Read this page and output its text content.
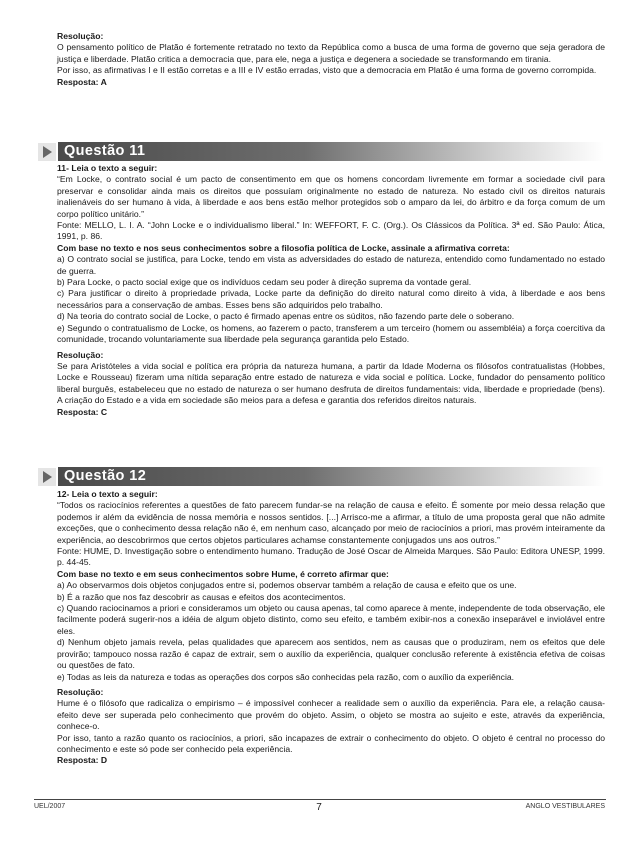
Resolução:

O pensamento político de Platão é fortemente retratado no texto da República como a busca de uma forma de governo que seja geradora de justiça e liberdade. Platão critica a democracia que, para ele, nega a justiça e degenera a sociedade se transformando em tirania.

Por isso, as afirmativas I e II estão corretas e a III e IV estão erradas, visto que a democracia em Platão é uma forma de governo corrompida.

Resposta: A

Questão 11

11- Leia o texto a seguir:

“Em Locke, o contrato social é um pacto de consentimento em que os homens concordam livremente em formar a sociedade civil para preservar e consolidar ainda mais os direitos que possuíam originalmente no estado de natureza. No estado civil os direitos naturais inalienáveis do ser humano à vida, à liberdade e aos bens estão melhor protegidos sob o amparo da lei, do árbitro e da força comum de um corpo político unitário.”

Fonte: MELLO, L. I. A. “John Locke e o individualismo liberal.” In: WEFFORT, F. C. (Org.). Os Clássicos da Política. 3ª ed. São Paulo: Ática, 1991, p. 86.

Com base no texto e nos seus conhecimentos sobre a filosofia política de Locke, assinale a afirmativa correta:

a) O contrato social se justifica, para Locke, tendo em vista as adversidades do estado de natureza, entendido como fundamentado no estado de guerra.

b) Para Locke, o pacto social exige que os indivíduos cedam seu poder à direção suprema da vontade geral.

c) Para justificar o direito à propriedade privada, Locke parte da definição do direito natural como direito à vida, à liberdade e aos bens necessários para a conservação de ambas. Esses bens são adquiridos pelo trabalho.

d) Na teoria do contrato social de Locke, o pacto é firmado apenas entre os súditos, não fazendo parte dele o soberano.

e) Segundo o contratualismo de Locke, os homens, ao fazerem o pacto, transferem a um terceiro (homem ou assembléia) a força coercitiva da comunidade, trocando voluntariamente sua liberdade pela segurança garantida pelo Estado.

Resolução:

Se para Aristóteles a vida social e política era própria da natureza humana, a partir da Idade Moderna os filósofos contratualistas (Hobbes, Locke e Rousseau) fizeram uma nítida separação entre estado de natureza e vida social e política. Locke, fundador do pensamento político liberal burguês, estabeleceu que no estado de natureza o ser humano desfruta de direitos fundamentais: vida, liberdade e propriedade (bens). A criação do Estado e a vida em sociedade são meios para a defesa e garantia dos referidos direitos naturais.

Resposta: C

Questão 12

12- Leia o texto a seguir:

“Todos os raciocínios referentes a questões de fato parecem fundar-se na relação de causa e efeito. É somente por meio dessa relação que podemos ir além da evidência de nossa memória e nossos sentidos. [...] Arrisco-me a afirmar, a título de uma proposta geral que não admite exceções, que o conhecimento dessa relação não é, em nenhum caso, alcançado por meio de raciocínios a priori, mas provém inteiramente da experiência, ao descobrirmos que certos objetos particulares achamse constantemente conjugados uns aos outros.”

Fonte: HUME, D. Investigação sobre o entendimento humano. Tradução de José Oscar de Almeida Marques. São Paulo: Editora UNESP, 1999. p. 44-45.

Com base no texto e em seus conhecimentos sobre Hume, é correto afirmar que:

a) Ao observarmos dois objetos conjugados entre si, podemos observar também a relação de causa e efeito que os une.

b) É a razão que nos faz descobrir as causas e efeitos dos acontecimentos.

c) Quando raciocinamos a priori e consideramos um objeto ou causa apenas, tal como aparece à mente, independente de toda observação, ele facilmente poderá sugerir-nos a idéia de algum objeto distinto, como seu efeito, e também exibir-nos a conexão inseparável e inviolável entre eles.

d) Nenhum objeto jamais revela, pelas qualidades que aparecem aos sentidos, nem as causas que o produziram, nem os efeitos que dele provirão; tampouco nossa razão é capaz de extrair, sem o auxílio da experiência, qualquer conclusão referente à existência efetiva de coisas ou questões de fato.

e) Todas as leis da natureza e todas as operações dos corpos são conhecidas pela razão, com o auxílio da experiência.

Resolução:

Hume é o filósofo que radicaliza o empirismo – é impossível conhecer a realidade sem o auxílio da experiência. Para ele, a relação causa-efeito deve ser superada pelo conhecimento que provém do objeto. Assim, o objeto se mostra ao sujeito e este, através da experiência, conhece-o.

Por isso, tanto a razão quanto os raciocínios, a priori, são incapazes de extrair o conhecimento do objeto. O objeto é central no processo do conhecimento e este só pode ser conhecido pela experiência.

Resposta: D

UEL/2007	7	ANGLO VESTIBULARES
